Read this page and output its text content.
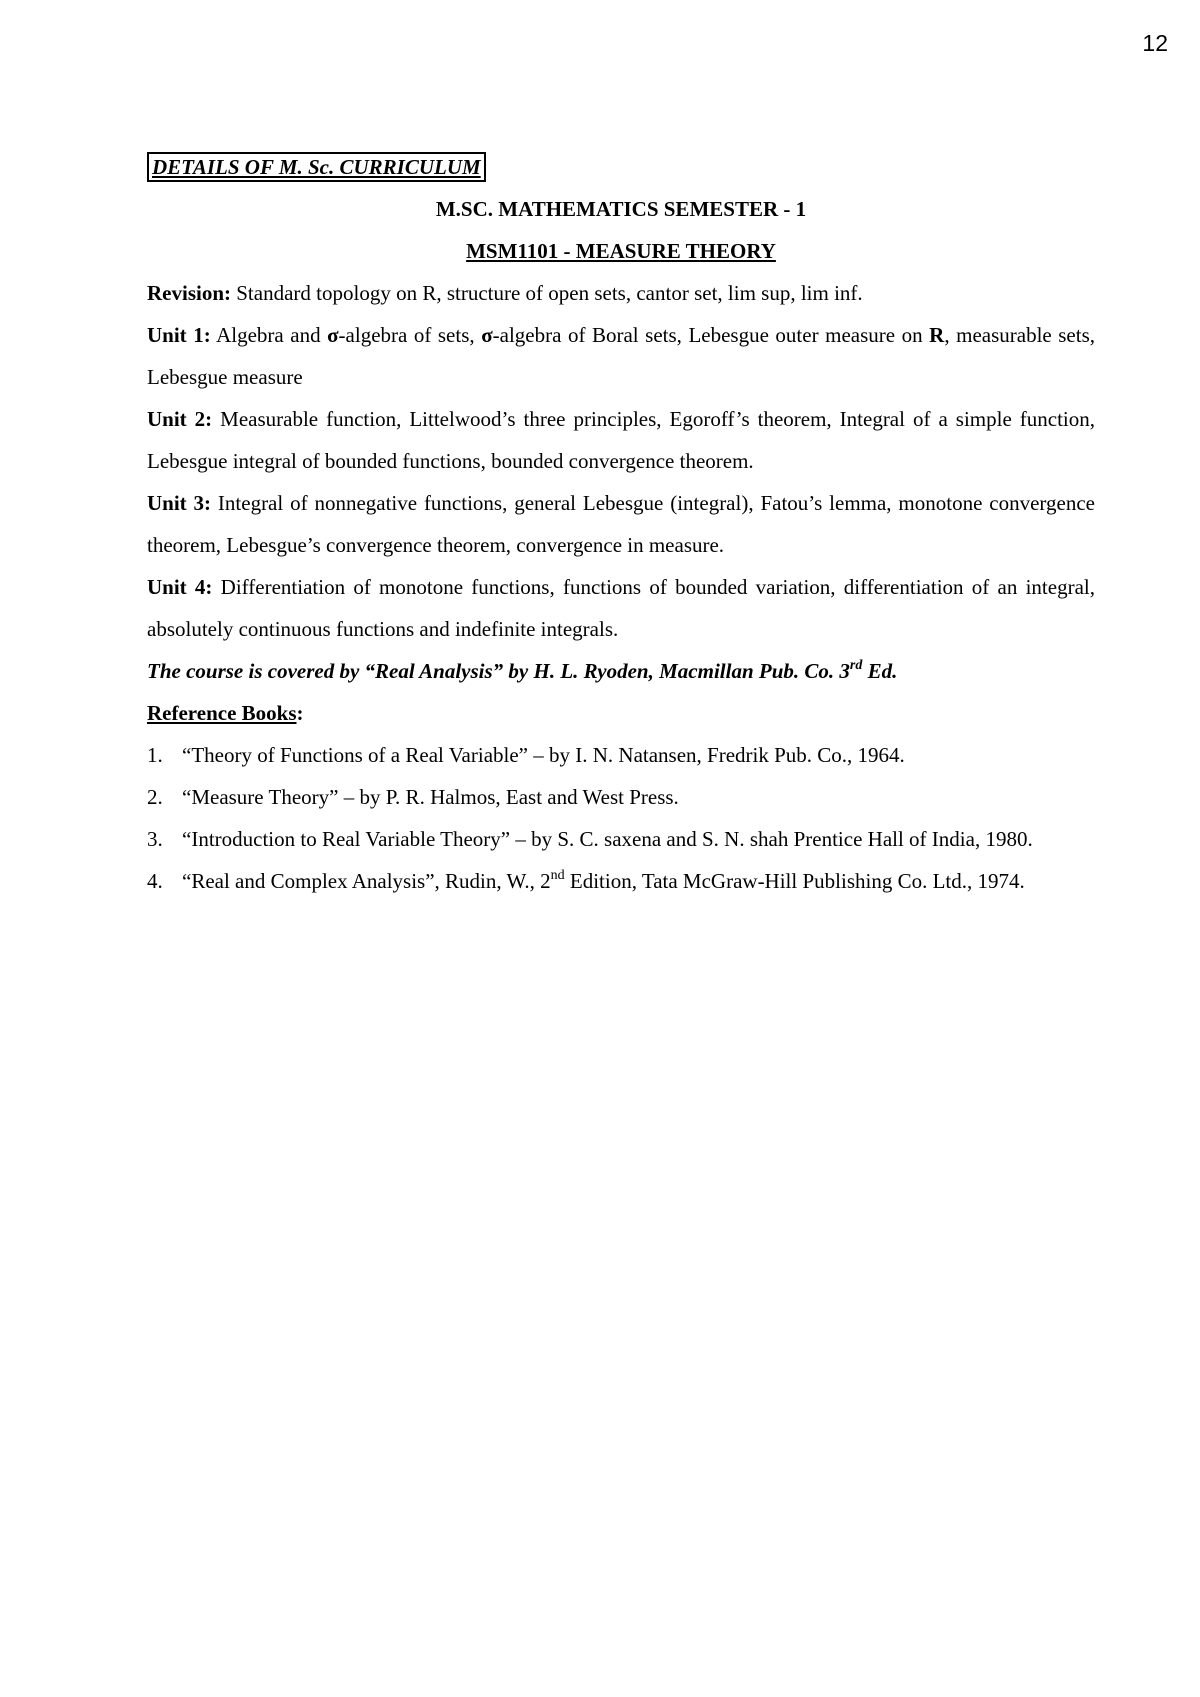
12
DETAILS OF M. Sc. CURRICULUM
M.SC. MATHEMATICS SEMESTER - 1
MSM1101 - MEASURE THEORY

Revision: Standard topology on R, structure of open sets, cantor set, lim sup, lim inf.

Unit 1: Algebra and σ-algebra of sets, σ-algebra of Boral sets, Lebesgue outer measure on R, measurable sets, Lebesgue measure

Unit 2: Measurable function, Littelwood’s three principles, Egoroff’s theorem, Integral of a simple function, Lebesgue integral of bounded functions, bounded convergence theorem.

Unit 3: Integral of nonnegative functions, general Lebesgue (integral), Fatou’s lemma, monotone convergence theorem, Lebesgue’s convergence theorem, convergence in measure.

Unit 4: Differentiation of monotone functions, functions of bounded variation, differentiation of an integral, absolutely continuous functions and indefinite integrals.

The course is covered by “Real Analysis” by H. L. Ryoden, Macmillan Pub. Co. 3rd Ed.

Reference Books:

1. “Theory of Functions of a Real Variable” – by I. N. Natansen, Fredrik Pub. Co., 1964.
2. “Measure Theory” – by P. R. Halmos, East and West Press.
3. “Introduction to Real Variable Theory” – by S. C. saxena and S. N. shah Prentice Hall of India, 1980.
4. “Real and Complex Analysis”, Rudin, W., 2nd Edition, Tata McGraw-Hill Publishing Co. Ltd., 1974.
